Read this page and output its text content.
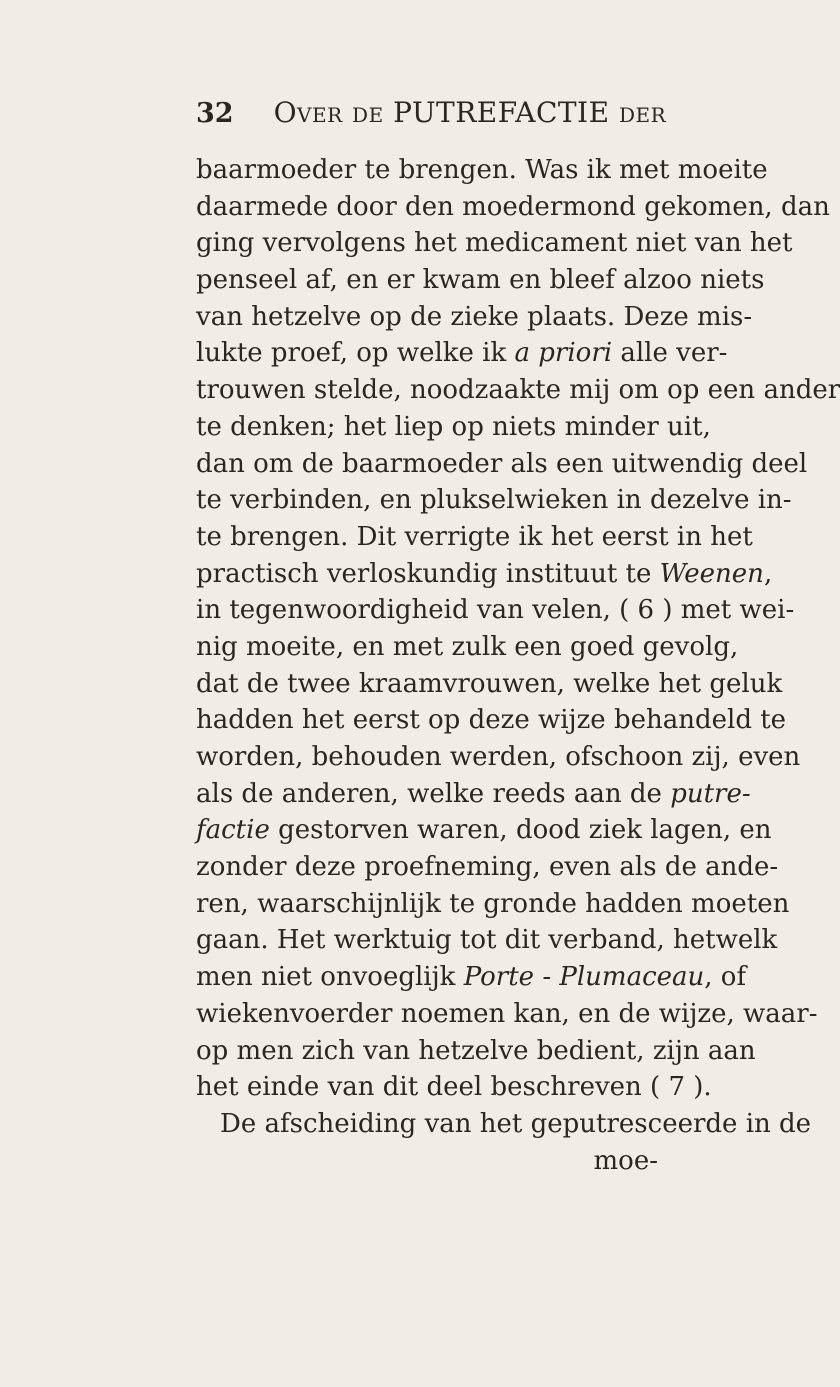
32 Over de PUTREFACTIE der
baarmoeder te brengen. Was ik met moeite
daarmede door den moedermond gekomen, dan
ging vervolgens het medicament niet van het
penseel af, en er kwam en bleef alzoo niets
van hetzelve op de zieke plaats. Deze mis-
lukte proef, op welke ik a priori alle ver-
trouwen stelde, noodzaakte mij om op een ander
te denken; het liep op niets minder uit,
dan om de baarmoeder als een uitwendig deel
te verbinden, en plukselwieken in dezelve in-
te brengen. Dit verrigte ik het eerst in het
practisch verloskundig instituut te Weenen,
in tegenwoordigheid van velen, ( 6 ) met wei-
nig moeite, en met zulk een goed gevolg,
dat de twee kraamvrouwen, welke het geluk
hadden het eerst op deze wijze behandeld te
worden, behouden werden, ofschoon zij, even
als de anderen, welke reeds aan de putre-
factie gestorven waren, dood ziek lagen, en
zonder deze proefneming, even als de ande-
ren, waarschijnlijk te gronde hadden moeten
gaan. Het werktuig tot dit verband, hetwelk
men niet onvoeglijk Porte - Plumaceau, of
wiekenvoerder noemen kan, en de wijze, waar-
op men zich van hetzelve bedient, zijn aan
het einde van dit deel beschreven ( 7 ).
De afscheiding van het geputresceerde in de
moe-
